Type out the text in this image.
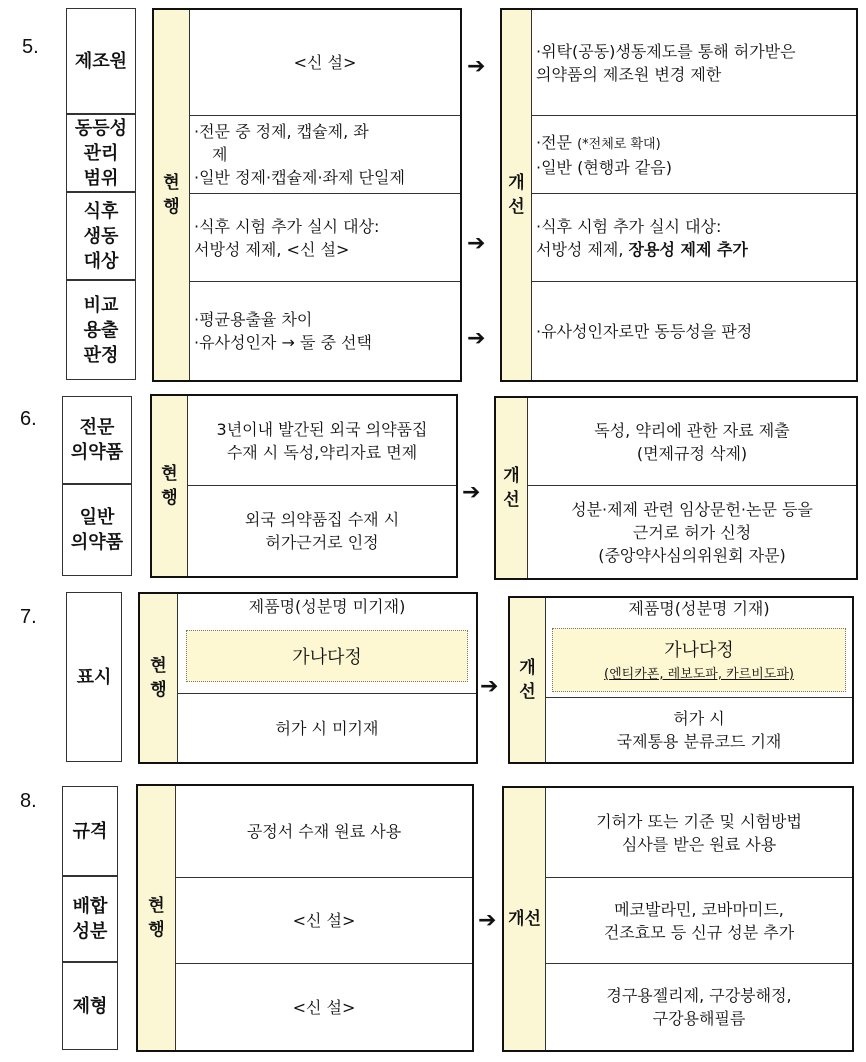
5.
제조원
동등성
관리
범위
식후
생동
대상
비교
용출
판정
현
행
<신 설>
·전문 중 정제, 캡슐제, 좌
제
·일반 정제·캡슐제·좌제 단일제
·식후 시험 추가 실시 대상:
서방성 제제, <신 설>
·평균용출율 차이
·유사성인자 → 둘 중 선택
➔
➔
➔
개
선
·위탁(공동)생동제도를 통해 허가받은
의약품의 제조원 변경 제한
·전문 (*전체로 확대)
·일반 (현행과 같음)
·식후 시험 추가 실시 대상:
서방성 제제, 장용성 제제 추가
·유사성인자로만 동등성을 판정
6. 전문
의약품
일반
의약품
현
행
3년이내 발간된 외국 의약품집
수재 시 독성,약리자료 면제
외국 의약품집 수재 시
허가근거로 인정
➔
개
선
독성, 약리에 관한 자료 제출
(면제규정 삭제)
성분·제제 관련 임상문헌·논문 등을
근거로 허가 신청
(중앙약사심의위원회 자문)
7.
표시
현
행
제품명(성분명 미기재)
가나다정
허가 시 미기재
➔
개
선
제품명(성분명 기재)
가나다정
(엔티카폰, 레보도파, 카르비도파)
허가 시
국제통용 분류코드 기재
8.
규격
배합
성분
제형
현
행
공정서 수재 원료 사용
<신 설>
<신 설>
➔ 개선
기허가 또는 기준 및 시험방법
심사를 받은 원료 사용
메코발라민, 코바마미드,
건조효모 등 신규 성분 추가
경구용젤리제, 구강붕해정,
구강용해필름
